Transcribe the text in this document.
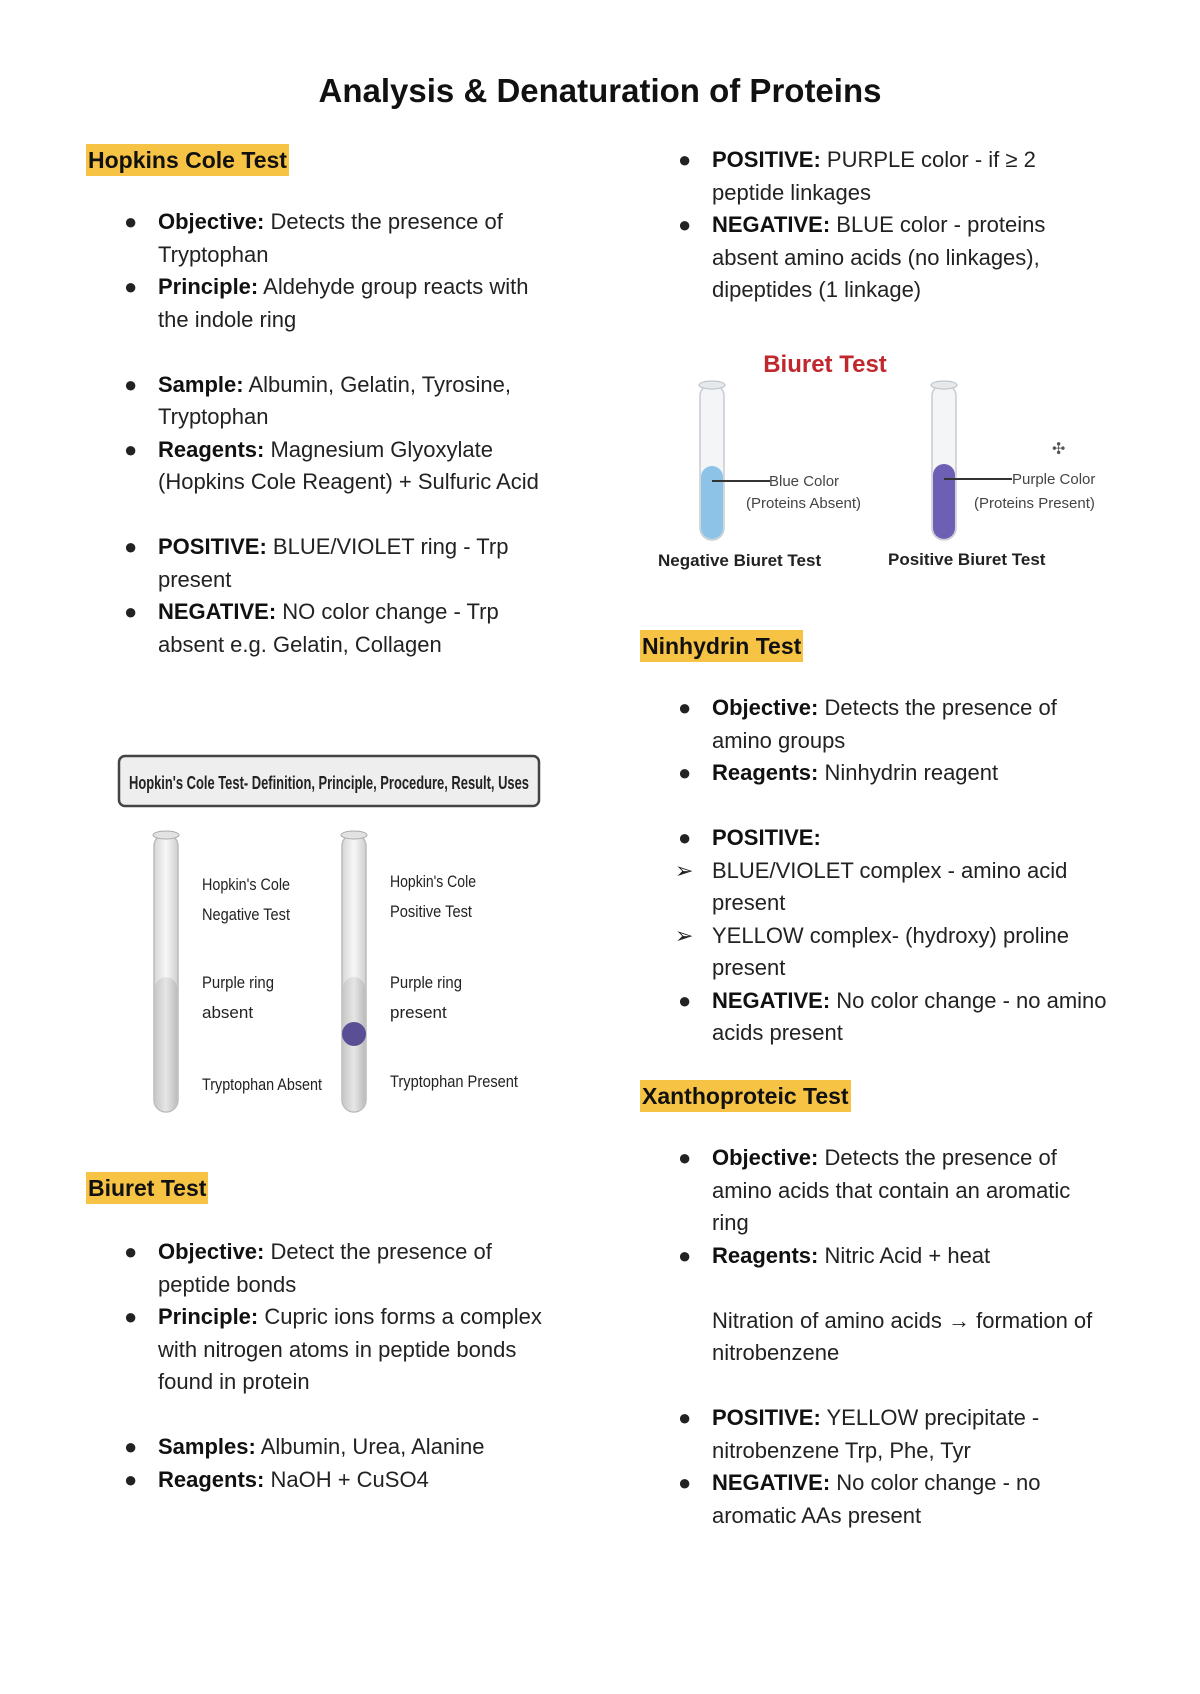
Analysis & Denaturation of Proteins
Hopkins Cole Test
● Objective: Detects the presence of Tryptophan
● Principle: Aldehyde group reacts with the indole ring
● Sample: Albumin, Gelatin, Tyrosine, Tryptophan
● Reagents: Magnesium Glyoxylate (Hopkins Cole Reagent) + Sulfuric Acid
● POSITIVE: BLUE/VIOLET ring - Trp present
● NEGATIVE: NO color change - Trp absent e.g. Gelatin, Collagen
Hopkin's Cole Test- Definition, Principle, Procedure, Result, Uses
Hopkin's Cole
Negative Test
Purple ring
absent
Tryptophan Absent
Hopkin's Cole
Positive Test
Purple ring
present
Tryptophan Present
Biuret Test
● Objective: Detect the presence of peptide bonds
● Principle: Cupric ions forms a complex with nitrogen atoms in peptide bonds found in protein
● Samples: Albumin, Urea, Alanine
● Reagents: NaOH + CuSO4
● POSITIVE: PURPLE color - if ≥ 2 peptide linkages
● NEGATIVE: BLUE color - proteins absent amino acids (no linkages), dipeptides (1 linkage)
Biuret Test
Blue Color
(Proteins Absent)
Purple Color
(Proteins Present)
Negative Biuret Test	Positive Biuret Test
✣
Ninhydrin Test
● Objective: Detects the presence of amino groups
● Reagents: Ninhydrin reagent
● POSITIVE:
➢ BLUE/VIOLET complex - amino acid present
➢ YELLOW complex- (hydroxy) proline present
● NEGATIVE: No color change - no amino acids present
Xanthoproteic Test
● Objective: Detects the presence of amino acids that contain an aromatic ring
● Reagents: Nitric Acid + heat
Nitration of amino acids → formation of nitrobenzene
● POSITIVE: YELLOW precipitate - nitrobenzene Trp, Phe, Tyr
● NEGATIVE: No color change - no aromatic AAs present
